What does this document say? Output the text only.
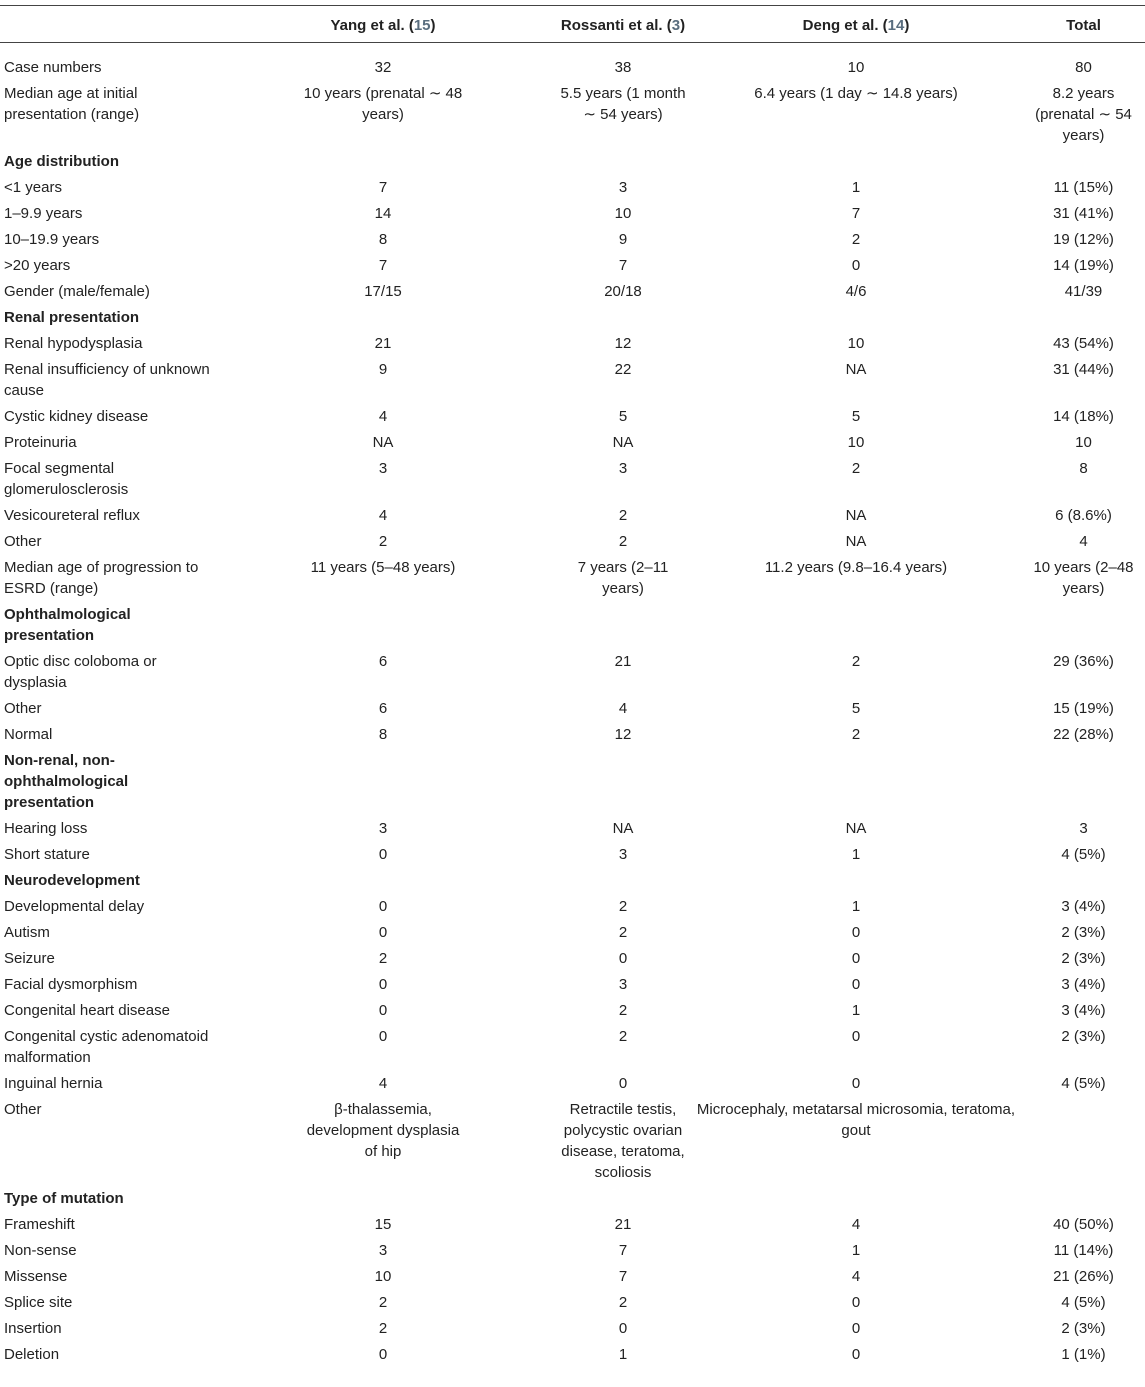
	Yang et al. (15)	Rossanti et al. (3)	Deng et al. (14)	Total
Case numbers	32	38	10	80
Median age at initial presentation (range)	10 years (prenatal ∼ 48 years)	5.5 years (1 month ∼ 54 years)	6.4 years (1 day ∼ 14.8 years)	8.2 years (prenatal ∼ 54 years)
Age distribution				
<1 years	7	3	1	11 (15%)
1–9.9 years	14	10	7	31 (41%)
10–19.9 years	8	9	2	19 (12%)
>20 years	7	7	0	14 (19%)
Gender (male/female)	17/15	20/18	4/6	41/39
Renal presentation				
Renal hypodysplasia	21	12	10	43 (54%)
Renal insufficiency of unknown cause	9	22	NA	31 (44%)
Cystic kidney disease	4	5	5	14 (18%)
Proteinuria	NA	NA	10	10
Focal segmental glomerulosclerosis	3	3	2	8
Vesicoureteral reflux	4	2	NA	6 (8.6%)
Other	2	2	NA	4
Median age of progression to ESRD (range)	11 years (5–48 years)	7 years (2–11 years)	11.2 years (9.8–16.4 years)	10 years (2–48 years)
Ophthalmological presentation				
Optic disc coloboma or dysplasia	6	21	2	29 (36%)
Other	6	4	5	15 (19%)
Normal	8	12	2	22 (28%)
Non-renal, non-ophthalmological presentation				
Hearing loss	3	NA	NA	3
Short stature	0	3	1	4 (5%)
Neurodevelopment				
Developmental delay	0	2	1	3 (4%)
Autism	0	2	0	2 (3%)
Seizure	2	0	0	2 (3%)
Facial dysmorphism	0	3	0	3 (4%)
Congenital heart disease	0	2	1	3 (4%)
Congenital cystic adenomatoid malformation	0	2	0	2 (3%)
Inguinal hernia	4	0	0	4 (5%)
Other	β-thalassemia, development dysplasia of hip	Retractile testis, polycystic ovarian disease, teratoma, scoliosis	Microcephaly, metatarsal microsomia, teratoma, gout	
Type of mutation				
Frameshift	15	21	4	40 (50%)
Non-sense	3	7	1	11 (14%)
Missense	10	7	4	21 (26%)
Splice site	2	2	0	4 (5%)
Insertion	2	0	0	2 (3%)
Deletion	0	1	0	1 (1%)
